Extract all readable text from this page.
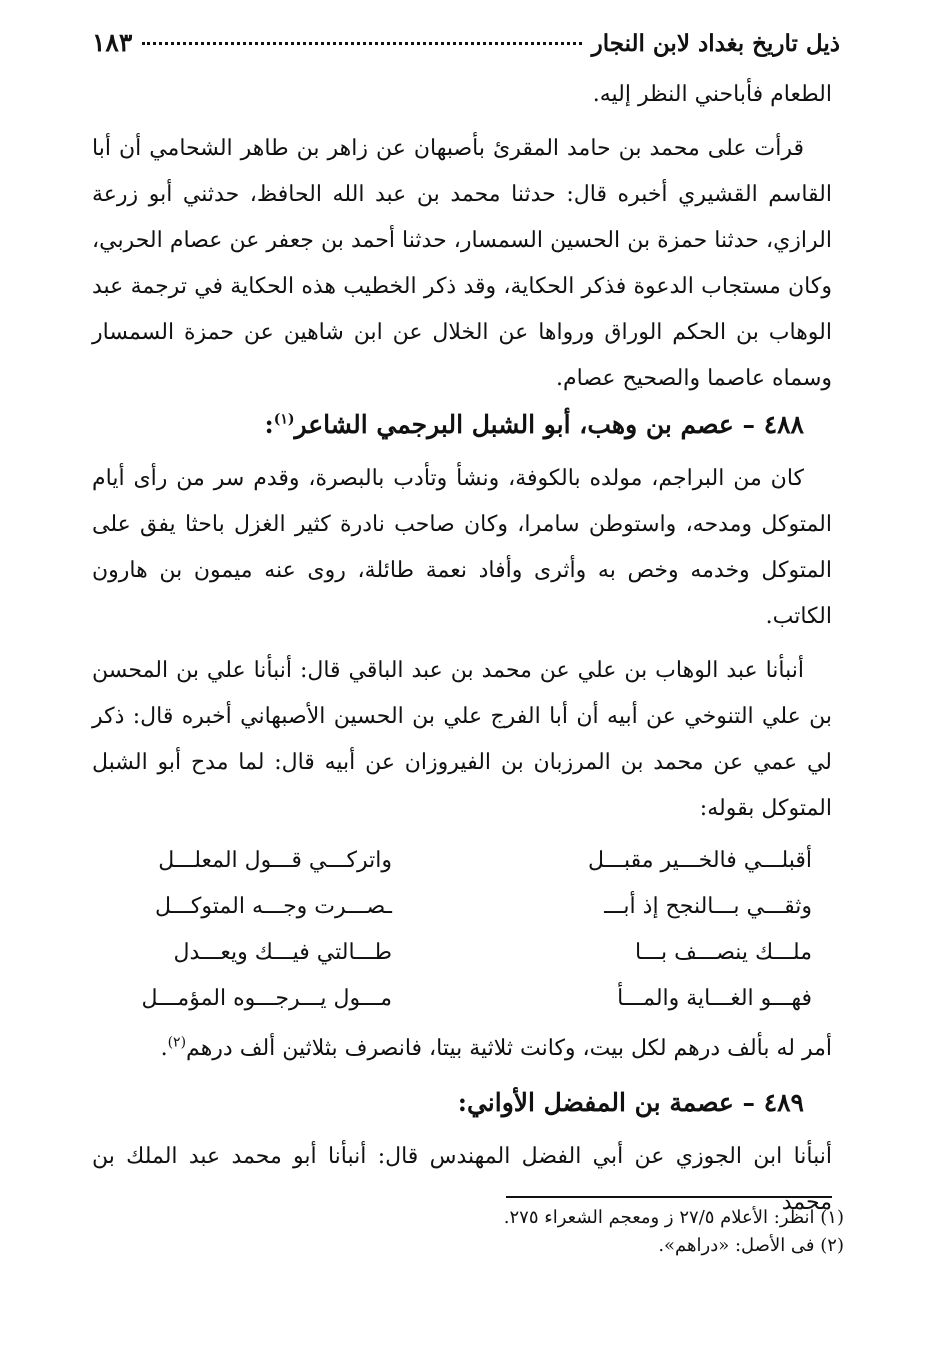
ذيل تاريخ بغداد لابن النجار
١٨٣

الطعام فأباحني النظر إليه.

قرأت على محمد بن حامد المقرئ بأصبهان عن زاهر بن طاهر الشحامي أن أبا القاسم القشيري أخبره قال: حدثنا محمد بن عبد الله الحافظ، حدثني أبو زرعة الرازي، حدثنا حمزة بن الحسين السمسار، حدثنا أحمد بن جعفر عن عصام الحربي، وكان مستجاب الدعوة فذكر الحكاية، وقد ذكر الخطيب هذه الحكاية في ترجمة عبد الوهاب بن الحكم الوراق ورواها عن الخلال عن ابن شاهين عن حمزة السمسار وسماه عاصما والصحيح عصام.

٤٨٨ – عصم بن وهب، أبو الشبل البرجمي الشاعر$^{(١)}$:

كان من البراجم، مولده بالكوفة، ونشأ وتأدب بالبصرة، وقدم سر من رأى أيام المتوكل ومدحه، واستوطن سامرا، وكان صاحب نادرة كثير الغزل باحثا يفق على المتوكل وخدمه وخص به وأثرى وأفاد نعمة طائلة، روى عنه ميمون بن هارون الكاتب.

أنبأنا عبد الوهاب بن علي عن محمد بن عبد الباقي قال: أنبأنا علي بن المحسن بن علي التنوخي عن أبيه أن أبا الفرج علي بن الحسين الأصبهاني أخبره قال: ذكر لي عمي عن محمد بن المرزبان بن الفيروزان عن أبيه قال: لما مدح أبو الشبل المتوكل بقوله:

أقبلـــي فالخـــير مقبـــل
واتركـــي قـــول المعلـــل
وثقـــي بـــالنجح إذ أبـــ
ـصـــرت وجـــه المتوكـــل
ملـــك ينصـــف بـــا
طـــالتي فيـــك ويعـــدل
فهـــو الغـــاية والمـــأ
مـــول يـــرجـــوه المؤمـــل

أمر له بألف درهم لكل بيت، وكانت ثلاثية بيتا، فانصرف بثلاثين ألف درهم$^{(٢)}$.

٤٨٩ – عصمة بن المفضل الأواني:

أنبأنا ابن الجوزي عن أبي الفضل المهندس قال: أنبأنا أبو محمد عبد الملك بن محمد

(١) انظر: الأعلام ٢٧/٥ ز ومعجم الشعراء ٢٧٥.

(٢) فى الأصل: «دراهم».
